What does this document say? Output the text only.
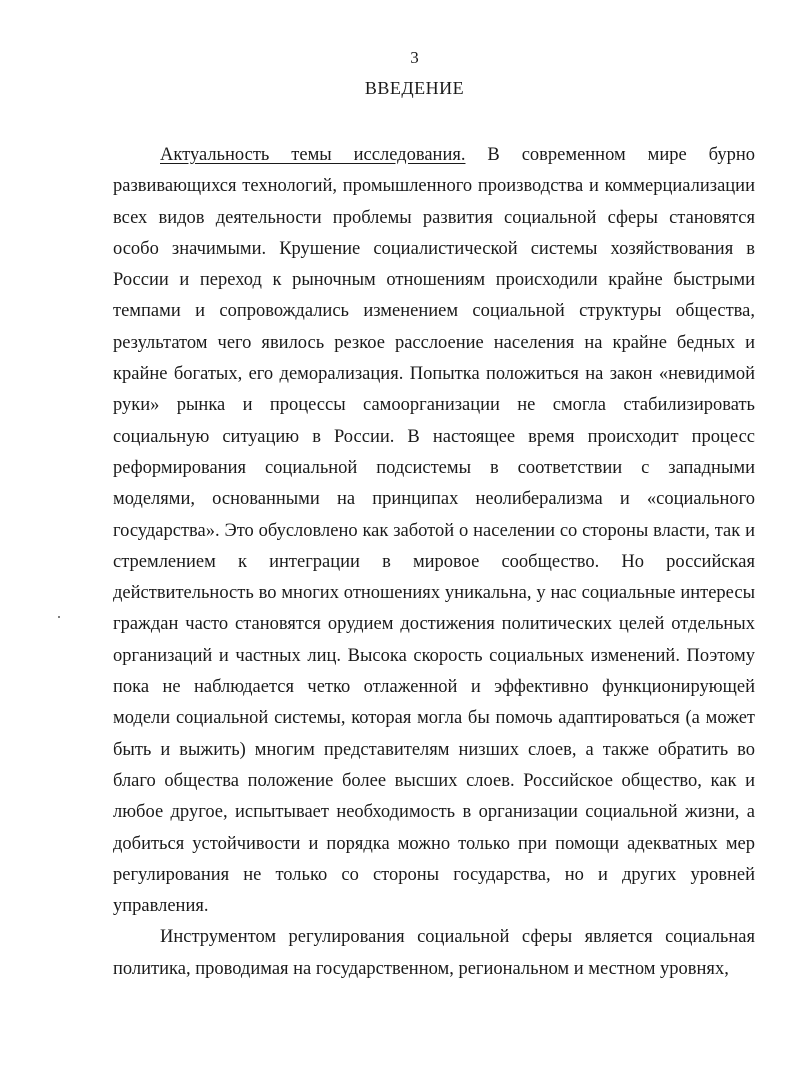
3
ВВЕДЕНИЕ

Актуальность темы исследования. В современном мире бурно развивающихся технологий, промышленного производства и коммерциализации всех видов деятельности проблемы развития социальной сферы становятся особо значимыми. Крушение социалистической системы хозяйствования в России и переход к рыночным отношениям происходили крайне быстрыми темпами и сопровождались изменением социальной структуры общества, результатом чего явилось резкое расслоение населения на крайне бедных и крайне богатых, его деморализация. Попытка положиться на закон «невидимой руки» рынка и процессы самоорганизации не смогла стабилизировать социальную ситуацию в России. В настоящее время происходит процесс реформирования социальной подсистемы в соответствии с западными моделями, основанными на принципах неолиберализма и «социального государства». Это обусловлено как заботой о населении со стороны власти, так и стремлением к интеграции в мировое сообщество. Но российская действительность во многих отношениях уникальна, у нас социальные интересы граждан часто становятся орудием достижения политических целей отдельных организаций и частных лиц. Высока скорость социальных изменений. Поэтому пока не наблюдается четко отлаженной и эффективно функционирующей модели социальной системы, которая могла бы помочь адаптироваться (а может быть и выжить) многим представителям низших слоев, а также обратить во благо общества положение более высших слоев. Российское общество, как и любое другое, испытывает необходимость в организации социальной жизни, а добиться устойчивости и порядка можно только при помощи адекватных мер регулирования не только со стороны государства, но и других уровней управления.

Инструментом регулирования социальной сферы является социальная политика, проводимая на государственном, региональном и местном уровнях,
